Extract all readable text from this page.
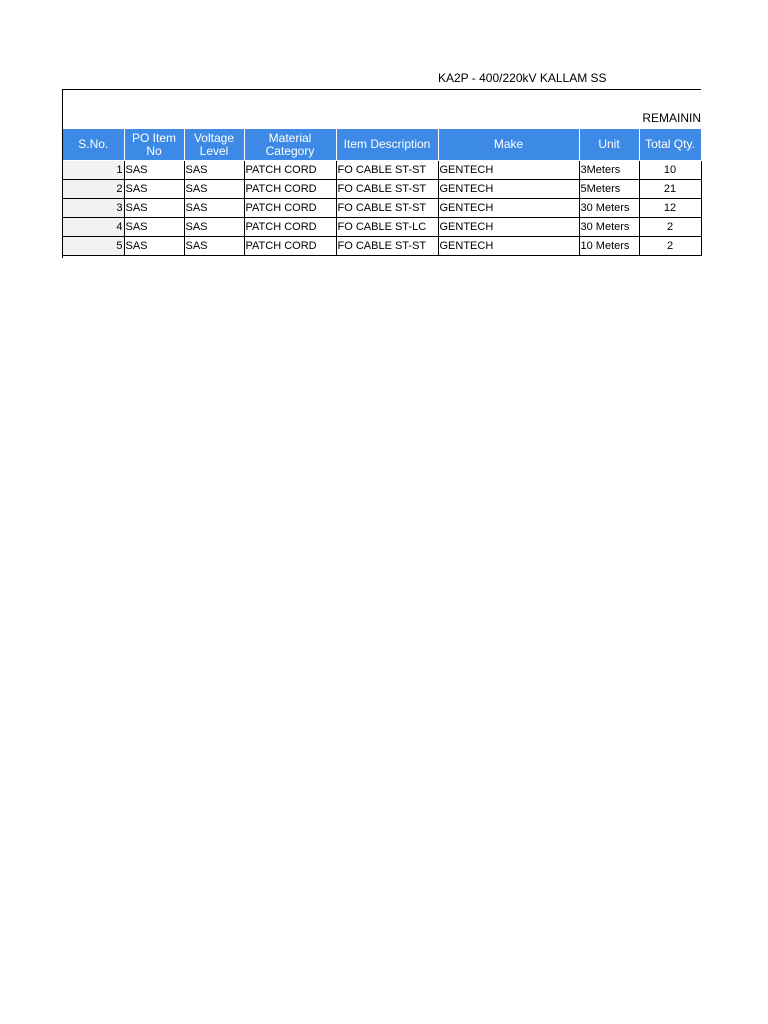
KA2P - 400/220kV KALLAM SS
REMAININ
S.No.	PO Item No	Voltage Level	Material Category	Item Description	Make	Unit	Total Qty.
1	SAS	SAS	PATCH CORD	FO CABLE ST-ST	GENTECH	3Meters	10
2	SAS	SAS	PATCH CORD	FO CABLE ST-ST	GENTECH	5Meters	21
3	SAS	SAS	PATCH CORD	FO CABLE ST-ST	GENTECH	30 Meters	12
4	SAS	SAS	PATCH CORD	FO CABLE ST-LC	GENTECH	30 Meters	2
5	SAS	SAS	PATCH CORD	FO CABLE ST-ST	GENTECH	10 Meters	2
